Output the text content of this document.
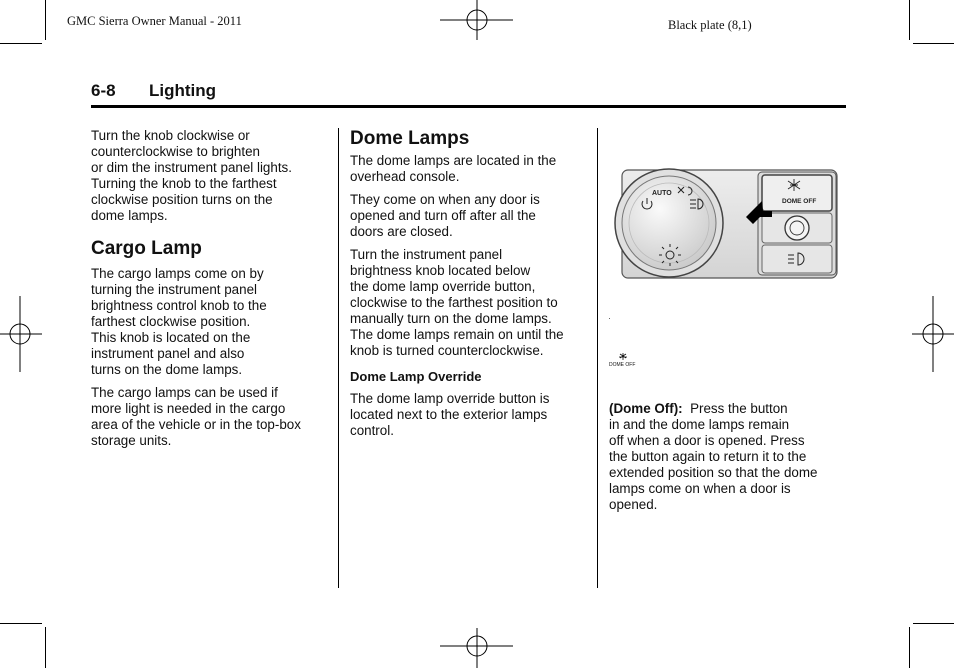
GMC Sierra Owner Manual - 2011	Black plate (8,1)
6-8 Lighting

Turn the knob clockwise or
counterclockwise to brighten
or dim the instrument panel lights.
Turning the knob to the farthest
clockwise position turns on the
dome lamps.

Cargo Lamp

The cargo lamps come on by
turning the instrument panel
brightness control knob to the
farthest clockwise position.
This knob is located on the
instrument panel and also
turns on the dome lamps.

The cargo lamps can be used if
more light is needed in the cargo
area of the vehicle or in the top-box
storage units.

Dome Lamps

The dome lamps are located in the
overhead console.

They come on when any door is
opened and turn off after all the
doors are closed.

Turn the instrument panel
brightness knob located below
the dome lamp override button,
clockwise to the farthest position to
manually turn on the dome lamps.
The dome lamps remain on until the
knob is turned counterclockwise.

Dome Lamp Override

The dome lamp override button is
located next to the exterior lamps
control.

AUTO
DOME OFF

DOME OFF

(Dome Off):  Press the button

in and the dome lamps remain
off when a door is opened. Press
the button again to return it to the
extended position so that the dome
lamps come on when a door is
opened.
